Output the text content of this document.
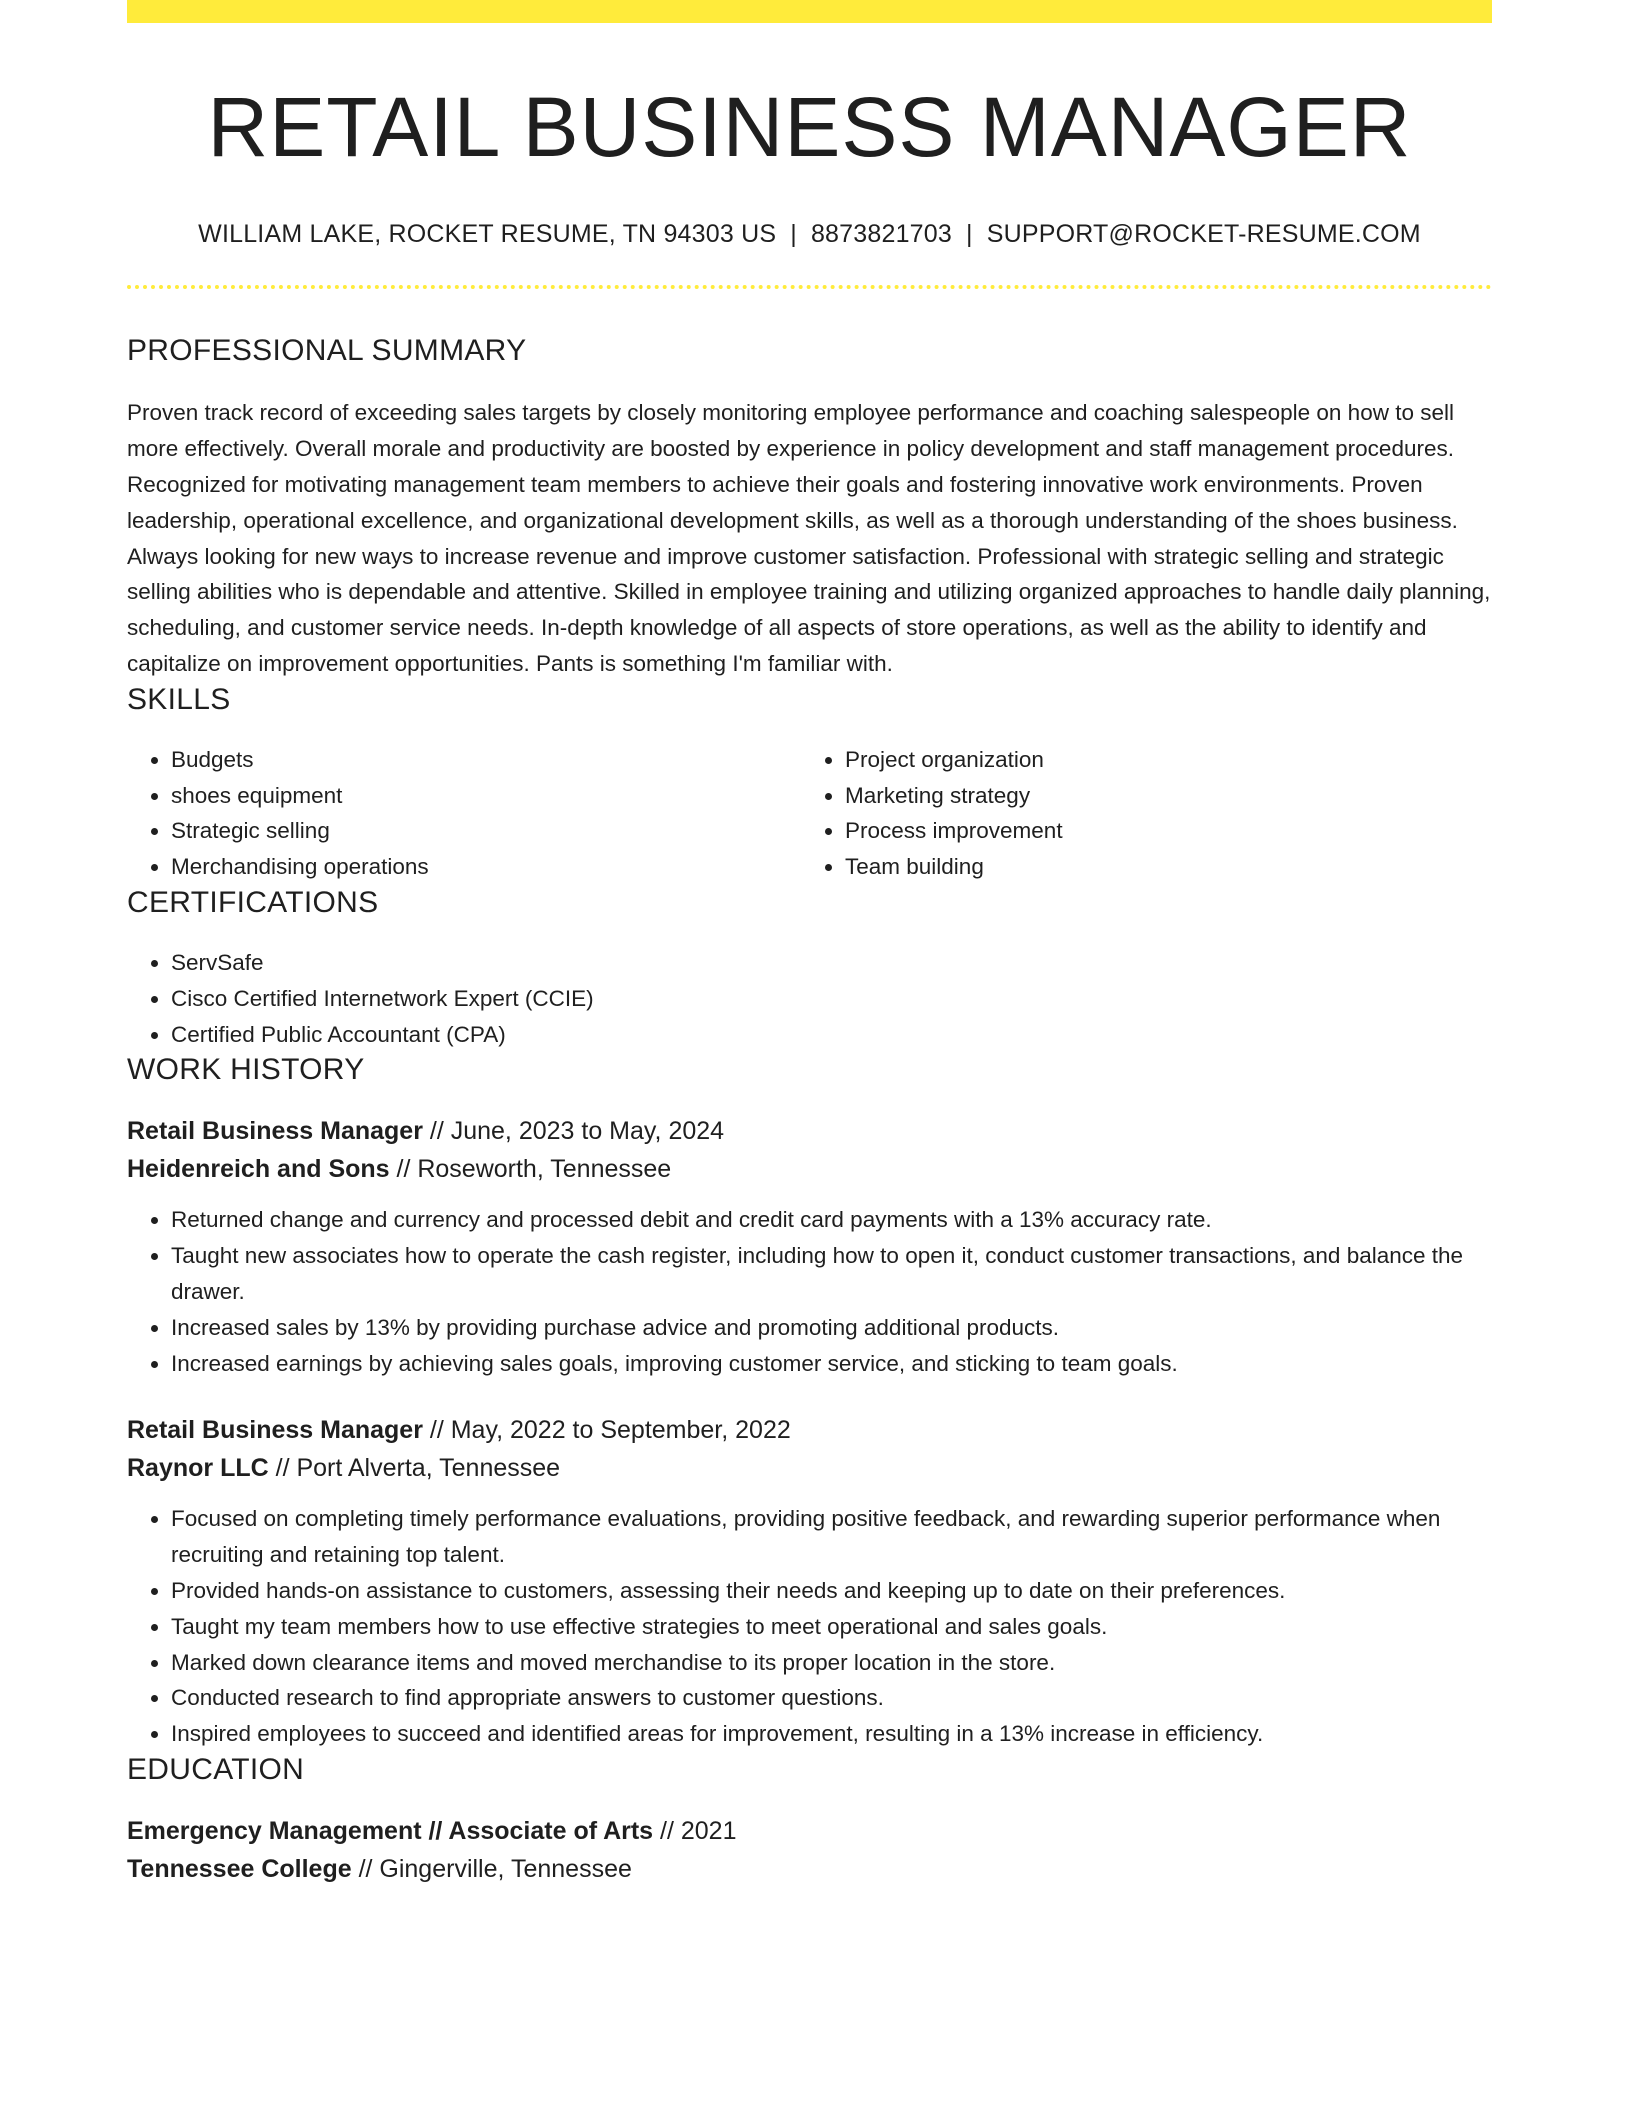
RETAIL BUSINESS MANAGER
WILLIAM LAKE, ROCKET RESUME, TN 94303 US | 8873821703 | SUPPORT@ROCKET-RESUME.COM
PROFESSIONAL SUMMARY
Proven track record of exceeding sales targets by closely monitoring employee performance and coaching salespeople on how to sell more effectively. Overall morale and productivity are boosted by experience in policy development and staff management procedures. Recognized for motivating management team members to achieve their goals and fostering innovative work environments. Proven leadership, operational excellence, and organizational development skills, as well as a thorough understanding of the shoes business. Always looking for new ways to increase revenue and improve customer satisfaction. Professional with strategic selling and strategic selling abilities who is dependable and attentive. Skilled in employee training and utilizing organized approaches to handle daily planning, scheduling, and customer service needs. In-depth knowledge of all aspects of store operations, as well as the ability to identify and capitalize on improvement opportunities. Pants is something I'm familiar with.
SKILLS
• Budgets
• shoes equipment
• Strategic selling
• Merchandising operations
• Project organization
• Marketing strategy
• Process improvement
• Team building
CERTIFICATIONS
• ServSafe
• Cisco Certified Internetwork Expert (CCIE)
• Certified Public Accountant (CPA)
WORK HISTORY
Retail Business Manager // June, 2023 to May, 2024
Heidenreich and Sons // Roseworth, Tennessee
• Returned change and currency and processed debit and credit card payments with a 13% accuracy rate.
• Taught new associates how to operate the cash register, including how to open it, conduct customer transactions, and balance the drawer.
• Increased sales by 13% by providing purchase advice and promoting additional products.
• Increased earnings by achieving sales goals, improving customer service, and sticking to team goals.
Retail Business Manager // May, 2022 to September, 2022
Raynor LLC // Port Alverta, Tennessee
• Focused on completing timely performance evaluations, providing positive feedback, and rewarding superior performance when recruiting and retaining top talent.
• Provided hands-on assistance to customers, assessing their needs and keeping up to date on their preferences.
• Taught my team members how to use effective strategies to meet operational and sales goals.
• Marked down clearance items and moved merchandise to its proper location in the store.
• Conducted research to find appropriate answers to customer questions.
• Inspired employees to succeed and identified areas for improvement, resulting in a 13% increase in efficiency.
EDUCATION
Emergency Management // Associate of Arts // 2021
Tennessee College // Gingerville, Tennessee
